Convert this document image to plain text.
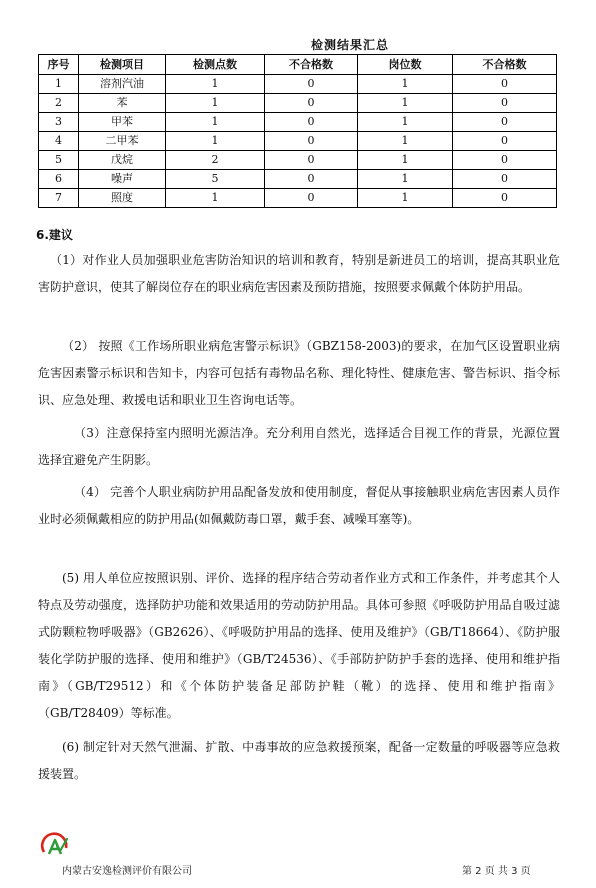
检测结果汇总
序号	检测项目	检测点数	不合格数	岗位数	不合格数
1	溶剂汽油	1	0	1	0
2	苯	1	0	1	0
3	甲苯	1	0	1	0
4	二甲苯	1	0	1	0
5	戊烷	2	0	1	0
6	噪声	5	0	1	0
7	照度	1	0	1	0
6.建议
（1）对作业人员加强职业危害防治知识的培训和教育，特别是新进员工的培训，提高其职业危害防护意识，使其了解岗位存在的职业病危害因素及预防措施，按照要求佩戴个体防护用品。
（2） 按照《工作场所职业病危害警示标识》（GBZ158-2003)的要求，在加气区设置职业病危害因素警示标识和告知卡，内容可包括有毒物品名称、理化特性、健康危害、警告标识、指令标识、应急处理、救援电话和职业卫生咨询电话等。
（3）注意保持室内照明光源洁净。充分利用自然光，选择适合目视工作的背景，光源位置选择宜避免产生阴影。
（4） 完善个人职业病防护用品配备发放和使用制度，督促从事接触职业病危害因素人员作业时必须佩戴相应的防护用品(如佩戴防毒口罩，戴手套、减噪耳塞等)。
(5) 用人单位应按照识别、评价、选择的程序结合劳动者作业方式和工作条件，并考虑其个人特点及劳动强度，选择防护功能和效果适用的劳动防护用品。具体可参照《呼吸防护用品自吸过滤式防颗粒物呼吸器》（GB2626）、《呼吸防护用品的选择、使用及维护》（GB/T18664）、《防护服装化学防护服的选择、使用和维护》（GB/T24536）、《手部防护防护手套的选择、使用和维护指南》（GB/T29512）和《个体防护装备足部防护鞋（靴）的选择、使用和维护指南》（GB/T28409）等标准。
(6) 制定针对天然气泄漏、扩散、中毒事故的应急救援预案，配备一定数量的呼吸器等应急救援装置。
内蒙古安逸检测评价有限公司	第 2 页 共 3 页
